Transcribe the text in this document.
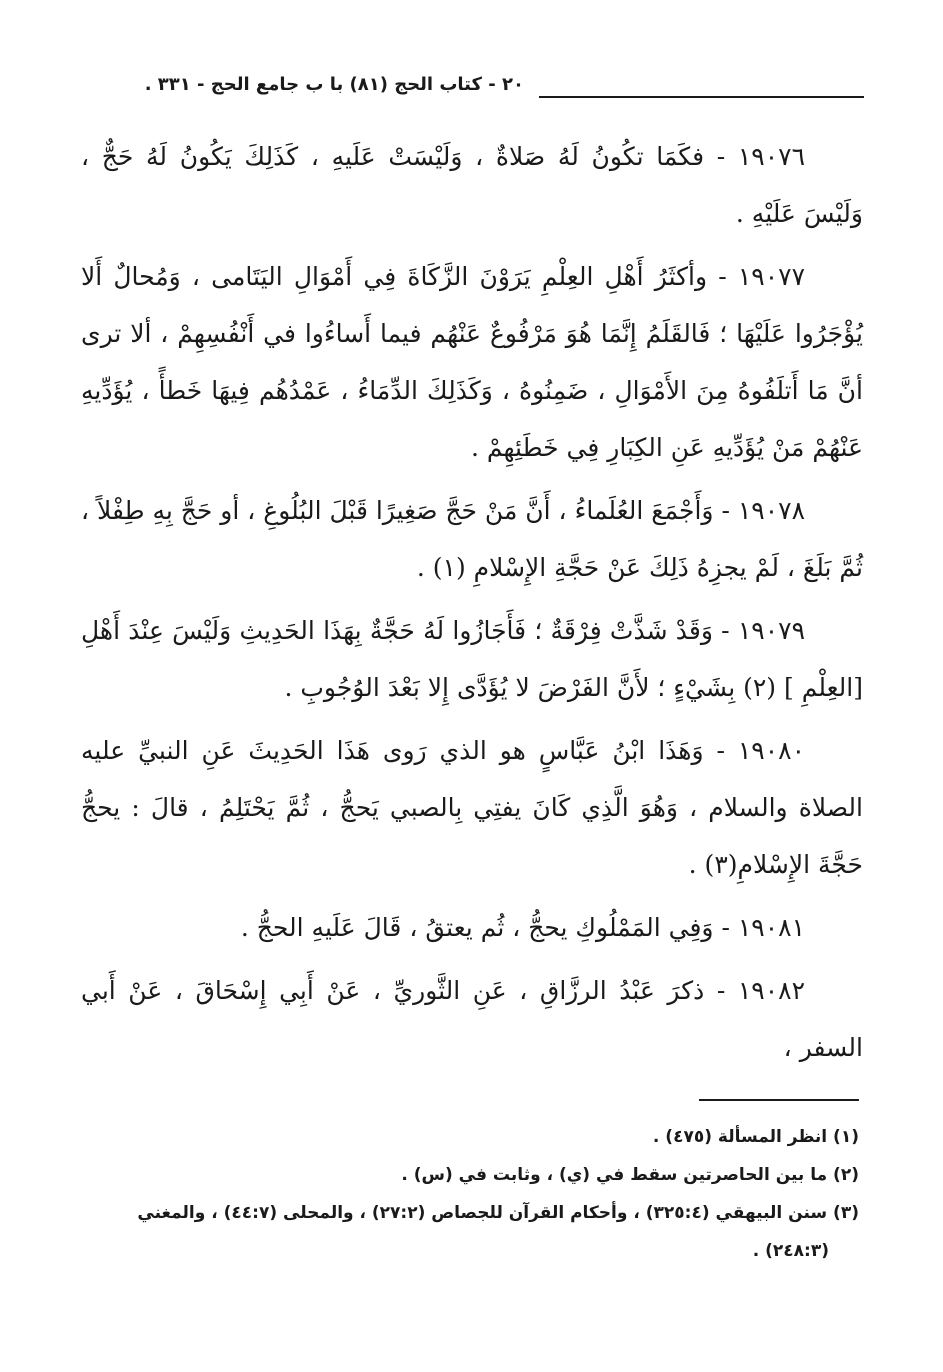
٢٠ - كتاب الحج (٨١) با ب جامع الحج - ٣٣١ .

١٩٠٧٦ - فكَمَا تكُونُ لَهُ صَلاةٌ ، وَلَيْسَتْ عَلَيهِ ، كَذَلِكَ يَكُونُ لَهُ حَجٌّ ، وَلَيْسَ عَلَيْهِ .

١٩٠٧٧ - وأكثَرُ أَهْلِ العِلْمِ يَرَوْنَ الزَّكَاةَ فِي أَمْوَالِ اليَتَامى ، وَمُحالٌ أَلا يُؤْجَرُوا عَلَيْهَا ؛ فَالقَلَمُ إِنَّمَا هُوَ مَرْفُوعٌ عَنْهُم فيما أَساءُوا في أَنْفُسِهِمْ ، ألا ترى أنَّ مَا أَتلَفُوهُ مِنَ الأَمْوَالِ ، ضَمِنُوهُ ، وَكَذَلِكَ الدِّمَاءُ ، عَمْدُهُم فِيهَا خَطأً ، يُؤَدِّيهِ عَنْهُمْ مَنْ يُؤَدِّيهِ عَنِ الكِبَارِ فِي خَطَئِهِمْ .

١٩٠٧٨ - وَأَجْمَعَ العُلَماءُ ، أَنَّ مَنْ حَجَّ صَغِيرًا قَبْلَ البُلُوغِ ، أو حَجَّ بِهِ طِفْلاً ، ثُمَّ بَلَغَ ، لَمْ يجزِهُ ذَلِكَ عَنْ حَجَّةِ الإِسْلامِ (١) .

١٩٠٧٩ - وَقَدْ شَذَّتْ فِرْقَةٌ ؛ فَأَجَازُوا لَهُ حَجَّةٌ بِهَذَا الحَدِيثِ وَلَيْسَ عِنْدَ أَهْلِ [العِلْمِ ] (٢) بِشَيْءٍ ؛ لأَنَّ الفَرْضَ لا يُؤَدَّى إِلا بَعْدَ الوُجُوبِ .

١٩٠٨٠ - وَهَذَا ابْنُ عَبَّاسٍ هو الذي رَوى هَذَا الحَدِيثَ عَنِ النبيِّ عليه الصلاة والسلام ، وَهُوَ الَّذِي كَانَ يفتِي بِالصبي يَحجُّ ، ثُمَّ يَحْتَلِمُ ، قالَ : يحجُّ حَجَّةَ الإِسْلامِ(٣) .

١٩٠٨١ - وَفِي المَمْلُوكِ يحجُّ ، ثُم يعتقُ ، قَالَ عَلَيهِ الحجُّ .

١٩٠٨٢ - ذكرَ عَبْدُ الرزَّاقِ ، عَنِ الثَّوريِّ ، عَنْ أَبِي إِسْحَاقَ ، عَنْ أَبي السفر ،

(١) انظر المسألة (٤٧٥) .

(٢) ما بين الحاصرتين سقط في (ي) ، وثابت في (س) .

(٣) سنن البيهقي (٣٢٥:٤) ، وأحكام القرآن للجصاص (٢٧:٢) ، والمحلى (٤٤:٧) ، والمغني

(٢٤٨:٣) .
